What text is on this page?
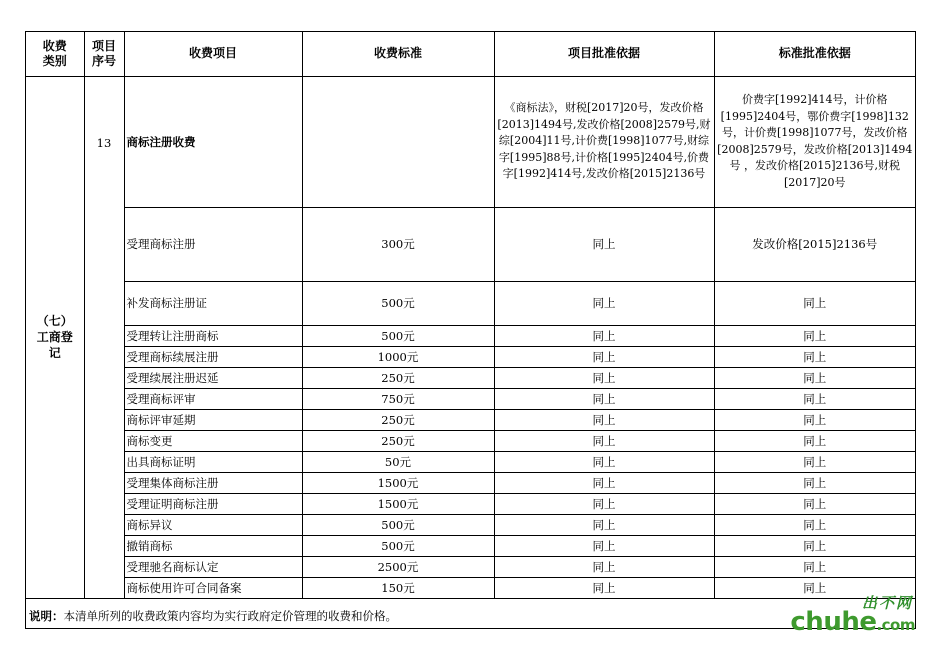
收费类别	项目序号	收费项目	收费标准	项目批准依据	标准批准依据
（七）工商登记	13	商标注册收费		《商标法》，财税[2017]20号，发改价格[2013]1494号,发改价格[2008]2579号,财综[2004]11号,计价费[1998]1077号,财综字[1995]88号,计价格[1995]2404号,价费字[1992]414号,发改价格[2015]2136号	价费字[1992]414号，计价格[1995]2404号，鄂价费字[1998]132号，计价费[1998]1077号，发改价格[2008]2579号，发改价格[2013]1494号 ，发改价格[2015]2136号,财税[2017]20号
		受理商标注册	300元	同上	发改价格[2015]2136号
		补发商标注册证	500元	同上	同上
		受理转让注册商标	500元	同上	同上
		受理商标续展注册	1000元	同上	同上
		受理续展注册迟延	250元	同上	同上
		受理商标评审	750元	同上	同上
		商标评审延期	250元	同上	同上
		商标变更	250元	同上	同上
		出具商标证明	50元	同上	同上
		受理集体商标注册	1500元	同上	同上
		受理证明商标注册	1500元	同上	同上
		商标异议	500元	同上	同上
		撤销商标	500元	同上	同上
		受理驰名商标认定	2500元	同上	同上
		商标使用许可合同备案	150元	同上	同上
说明：本清单所列的收费政策内容均为实行政府定价管理的收费和价格。
出不网
chuhe.com
